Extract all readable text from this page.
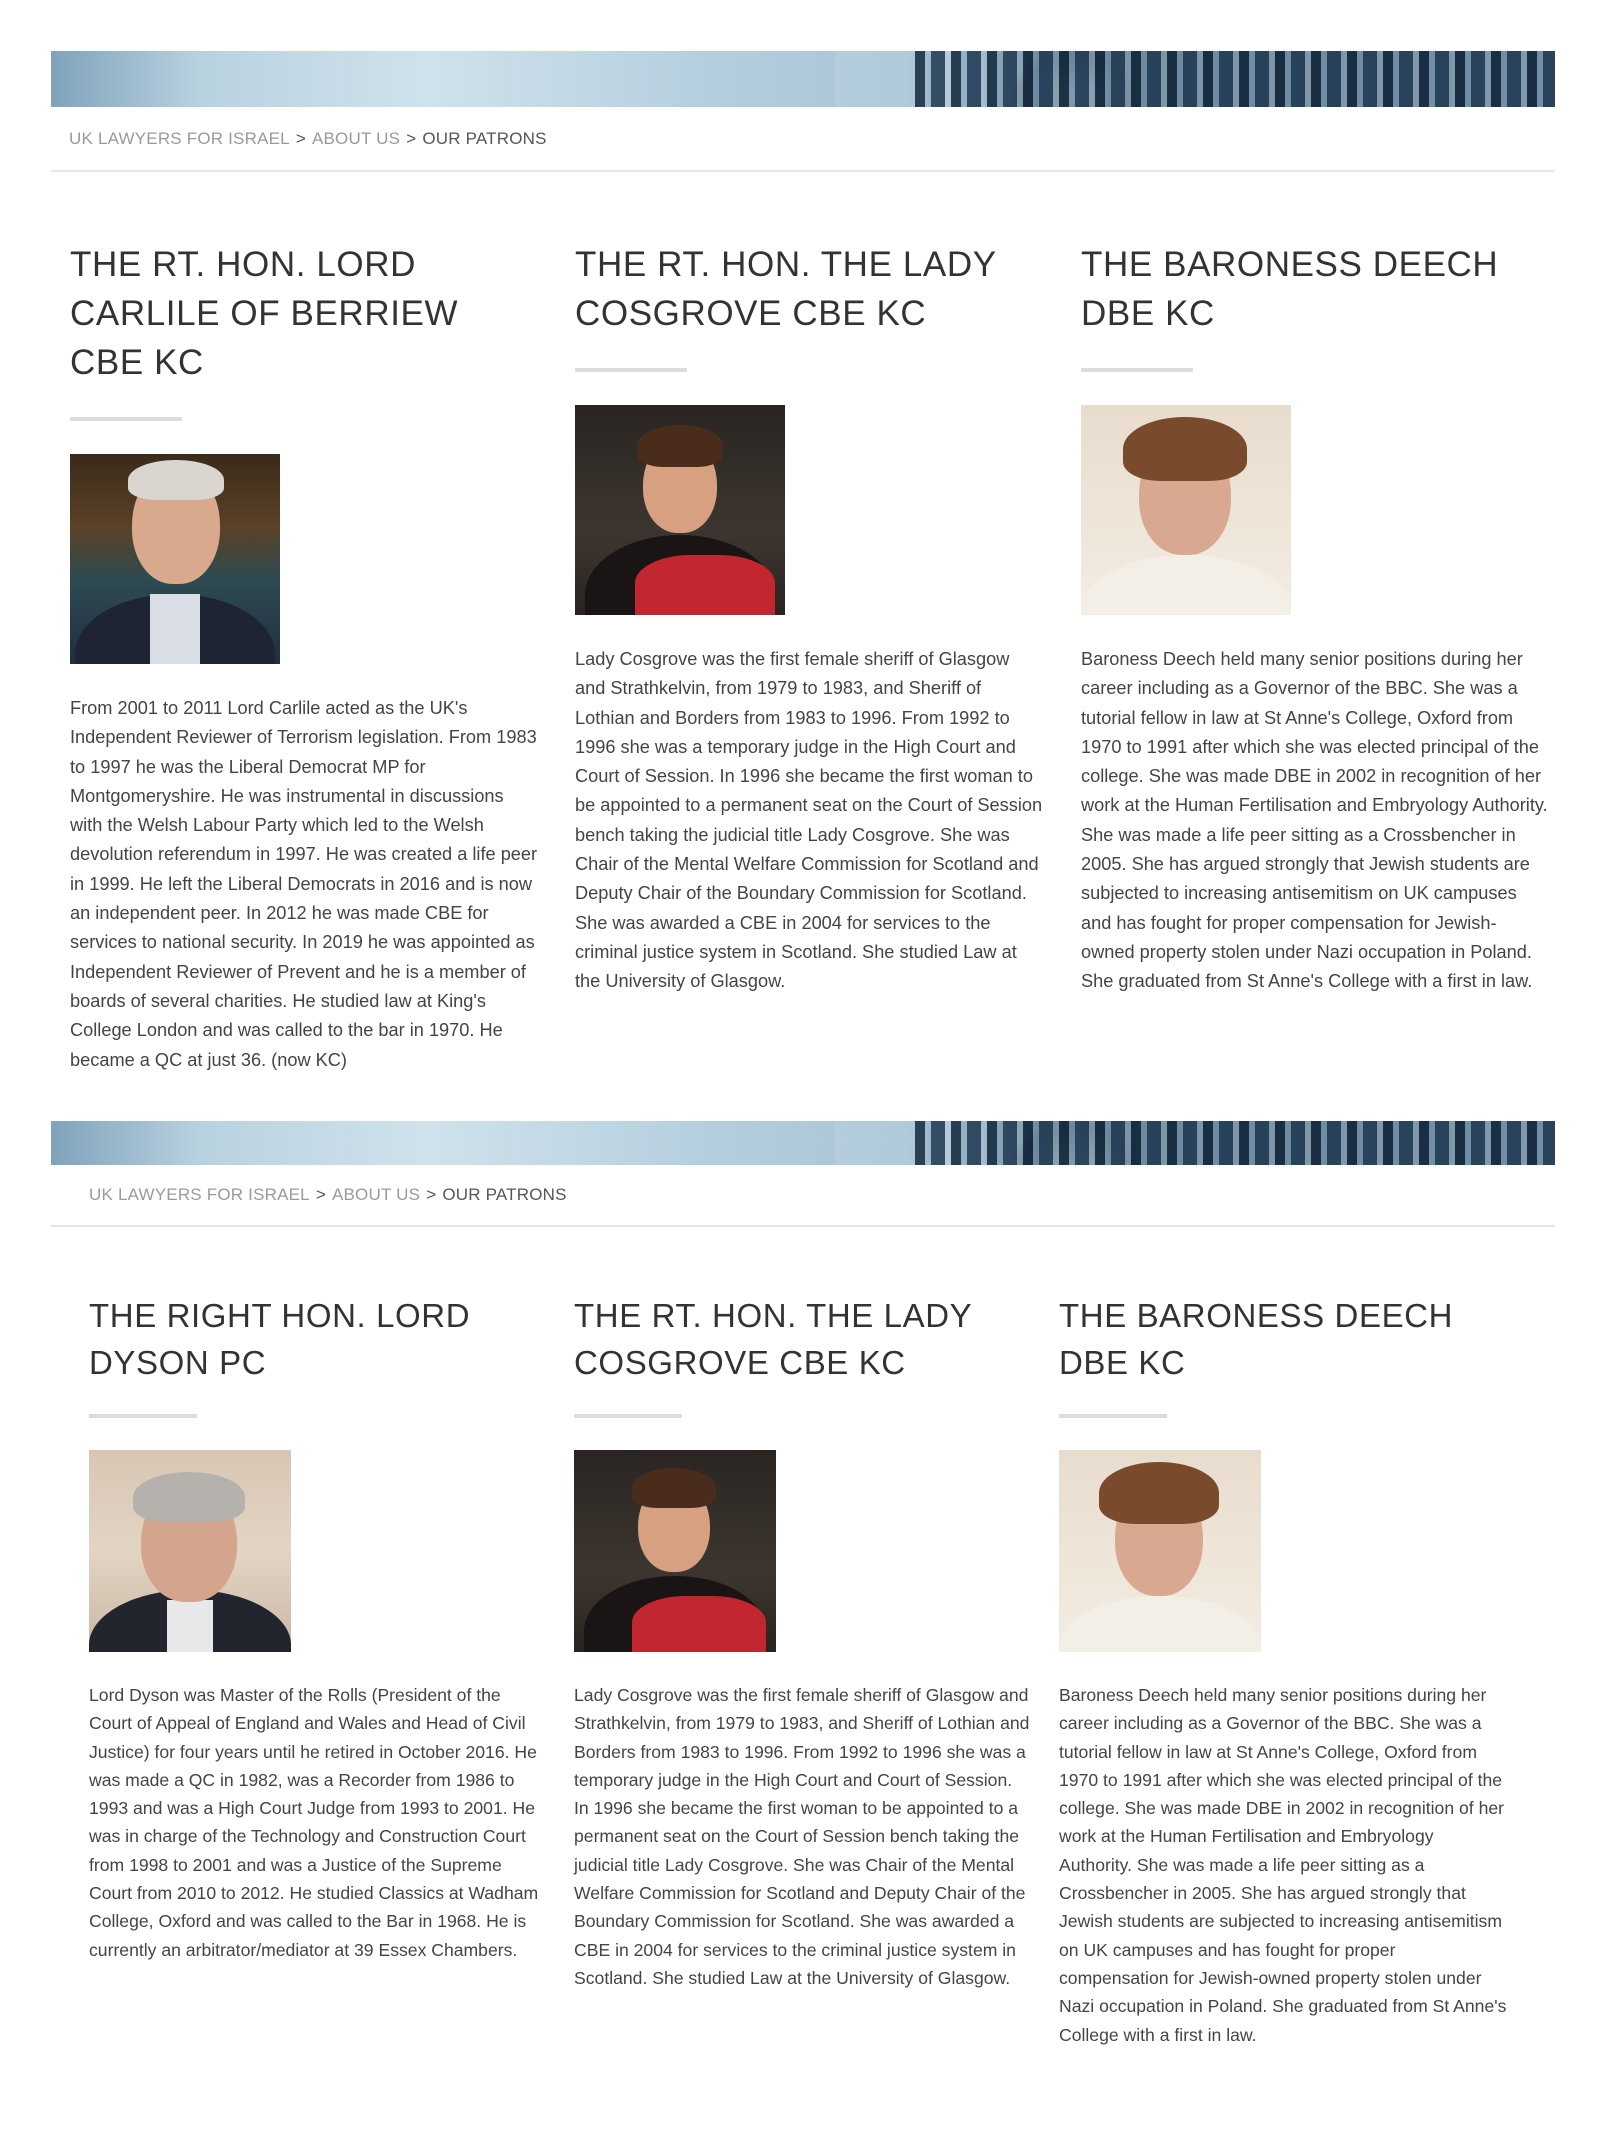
UK LAWYERS FOR ISRAEL > ABOUT US > OUR PATRONS
THE RT. HON. LORD CARLILE OF BERRIEW CBE KC

From 2001 to 2011 Lord Carlile acted as the UK's Independent Reviewer of Terrorism legislation. From 1983 to 1997 he was the Liberal Democrat MP for Montgomeryshire. He was instrumental in discussions with the Welsh Labour Party which led to the Welsh devolution referendum in 1997. He was created a life peer in 1999. He left the Liberal Democrats in 2016 and is now an independent peer. In 2012 he was made CBE for services to national security. In 2019 he was appointed as Independent Reviewer of Prevent and he is a member of boards of several charities. He studied law at King's College London and was called to the bar in 1970. He became a QC at just 36. (now KC)

THE RT. HON. THE LADY COSGROVE CBE KC

Lady Cosgrove was the first female sheriff of Glasgow and Strathkelvin, from 1979 to 1983, and Sheriff of Lothian and Borders from 1983 to 1996. From 1992 to 1996 she was a temporary judge in the High Court and Court of Session. In 1996 she became the first woman to be appointed to a permanent seat on the Court of Session bench taking the judicial title Lady Cosgrove. She was Chair of the Mental Welfare Commission for Scotland and Deputy Chair of the Boundary Commission for Scotland. She was awarded a CBE in 2004 for services to the criminal justice system in Scotland. She studied Law at the University of Glasgow.

THE BARONESS DEECH DBE KC

Baroness Deech held many senior positions during her career including as a Governor of the BBC. She was a tutorial fellow in law at St Anne's College, Oxford from 1970 to 1991 after which she was elected principal of the college. She was made DBE in 2002 in recognition of her work at the Human Fertilisation and Embryology Authority. She was made a life peer sitting as a Crossbencher in 2005. She has argued strongly that Jewish students are subjected to increasing antisemitism on UK campuses and has fought for proper compensation for Jewish-owned property stolen under Nazi occupation in Poland. She graduated from St Anne's College with a first in law.

UK LAWYERS FOR ISRAEL > ABOUT US > OUR PATRONS
THE RIGHT HON. LORD DYSON PC

Lord Dyson was Master of the Rolls (President of the Court of Appeal of England and Wales and Head of Civil Justice) for four years until he retired in October 2016. He was made a QC in 1982, was a Recorder from 1986 to 1993 and was a High Court Judge from 1993 to 2001. He was in charge of the Technology and Construction Court from 1998 to 2001 and was a Justice of the Supreme Court from 2010 to 2012. He studied Classics at Wadham College, Oxford and was called to the Bar in 1968. He is currently an arbitrator/mediator at 39 Essex Chambers.

THE RT. HON. THE LADY COSGROVE CBE KC

Lady Cosgrove was the first female sheriff of Glasgow and Strathkelvin, from 1979 to 1983, and Sheriff of Lothian and Borders from 1983 to 1996. From 1992 to 1996 she was a temporary judge in the High Court and Court of Session. In 1996 she became the first woman to be appointed to a permanent seat on the Court of Session bench taking the judicial title Lady Cosgrove. She was Chair of the Mental Welfare Commission for Scotland and Deputy Chair of the Boundary Commission for Scotland. She was awarded a CBE in 2004 for services to the criminal justice system in Scotland. She studied Law at the University of Glasgow.

THE BARONESS DEECH DBE KC

Baroness Deech held many senior positions during her career including as a Governor of the BBC. She was a tutorial fellow in law at St Anne's College, Oxford from 1970 to 1991 after which she was elected principal of the college. She was made DBE in 2002 in recognition of her work at the Human Fertilisation and Embryology Authority. She was made a life peer sitting as a Crossbencher in 2005. She has argued strongly that Jewish students are subjected to increasing antisemitism on UK campuses and has fought for proper compensation for Jewish-owned property stolen under Nazi occupation in Poland. She graduated from St Anne's College with a first in law.
